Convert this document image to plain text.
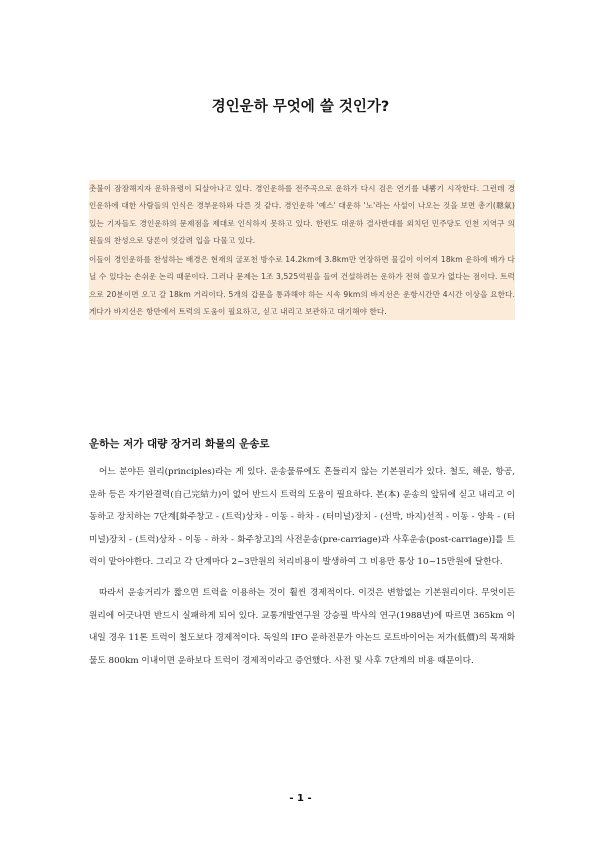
경인운하 무엇에 쓸 것인가?

촛불이 잠잠해지자 운하유령이 되살아나고 있다. 경인운하를 전주곡으로 운하가 다시 검은 연기를 내뿜기 시작한다. 그런데 경인운하에 대한 사람들의 인식은 경부운하와 다른 것 같다. 경인운하 '예스' 대운하 '노'라는 사설이 나오는 것을 보면 총기(聰氣) 있는 기자들도 경인운하의 문제점을 제대로 인식하지 못하고 있다. 한편도 대운하 결사반대를 외치던 민주당도 인천 지역구 의원들의 찬성으로 당론이 엇갈려 입을 다물고 있다.

이들이 경인운하를 찬성하는 배경은 현재의 굴포천 방수로 14.2km에 3.8km만 연장하면 물길이 이어져 18km 운하에 배가 다닐 수 있다는 손쉬운 논리 때문이다. 그러나 문제는 1조 3,525억원을 들여 건설하려는 운하가 전혀 쓸모가 없다는 점이다. 트럭으로 20분이면 오고 갈 18km 거리이다. 5개의 갑문을 통과해야 하는 시속 9km의 바지선은 운항시간만 4시간 이상을 요한다. 게다가 바지선은 항만에서 트럭의 도움이 필요하고, 싣고 내리고 보관하고 대기해야 한다.

운하는 저가 대량 장거리 화물의 운송로

어느 분야든 원리(principles)라는 게 있다. 운송물류에도 흔들리지 않는 기본원리가 있다. 철도, 해운, 항공, 운하 등은 자기완결력(自己完結力)이 없어 반드시 트럭의 도움이 필요하다. 본(本) 운송의 앞뒤에 싣고 내리고 이동하고 장치하는 7단계[화주창고 - (트럭)상차 - 이동 - 하차 - (터미널)장치 - (선박, 바지)선적 - 이동 - 양육 - (터미널)장치 - (트럭)상차 - 이동 - 하차 - 화주창고]의 사전운송(pre-carriage)과 사후운송(post-carriage)]를 트럭이 맡아야한다. 그리고 각 단계마다 2~3만원의 처리비용이 발생하여 그 비용만 통상 10~15만원에 달한다.

따라서 운송거리가 짧으면 트럭을 이용하는 것이 훨씬 경제적이다. 이것은 변함없는 기본원리이다. 무엇이든 원리에 어긋나면 반드시 실패하게 되어 있다. 교통개발연구원 강승필 박사의 연구(1988년)에 따르면 365km 이내일 경우 11톤 트럭이 철도보다 경제적이다. 독일의 IFO 운하전문가 아논드 로트바이어는 저가(低價)의 목재화물도 800km 이내이면 운하보다 트럭이 경제적이라고 증언했다. 사전 및 사후 7단계의 비용 때문이다.

- 1 -
